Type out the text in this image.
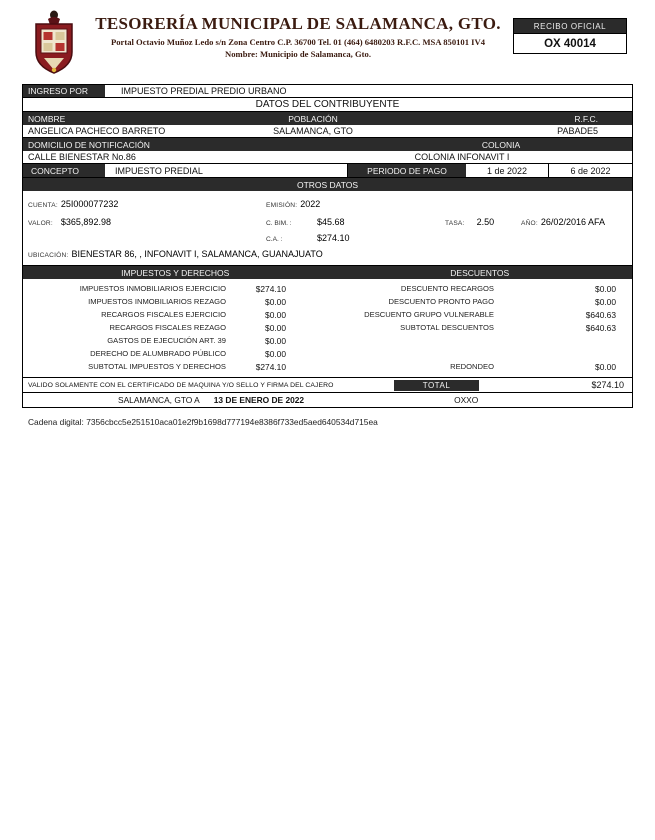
TESORERÍA MUNICIPAL DE SALAMANCA, GTO.
Portal Octavio Muñoz Ledo s/n Zona Centro C.P. 36700 Tel. 01 (464) 6480203 R.F.C. MSA 850101 IV4
Nombre: Municipio de Salamanca, Gto.
RECIBO OFICIAL
OX 40014
INGRESO POR	IMPUESTO PREDIAL PREDIO URBANO
DATOS DEL CONTRIBUYENTE
NOMBRE	POBLACIÓN	R.F.C.
ANGELICA PACHECO BARRETO	SALAMANCA, GTO	PABADE5
DOMICILIO DE NOTIFICACIÓN	COLONIA
CALLE BIENESTAR No.86	COLONIA INFONAVIT I
CONCEPTO	IMPUESTO PREDIAL	PERIODO DE PAGO	1 de 2022	6 de 2022
OTROS DATOS
CUENTA: 25I000077232	EMISIÓN: 2022
VALOR: $365,892.98	C. BIM. :	$45.68	TASA: 2.50	AÑO: 26/02/2016 AFA
C.A. :	$274.10
UBICACIÓN: BIENESTAR 86, , INFONAVIT I, SALAMANCA, GUANAJUATO
IMPUESTOS Y DERECHOS	DESCUENTOS
IMPUESTOS INMOBILIARIOS EJERCICIO	$274.10
IMPUESTOS INMOBILIARIOS REZAGO	$0.00
RECARGOS FISCALES EJERCICIO	$0.00
RECARGOS FISCALES REZAGO	$0.00
GASTOS DE EJECUCIÓN ART. 39	$0.00
DERECHO DE ALUMBRADO PÚBLICO	$0.00
SUBTOTAL IMPUESTOS Y DERECHOS	$274.10
DESCUENTO RECARGOS	$0.00
DESCUENTO PRONTO PAGO	$0.00
DESCUENTO GRUPO VULNERABLE	$640.63
SUBTOTAL DESCUENTOS	$640.63
REDONDEO	$0.00
VALIDO SOLAMENTE CON EL CERTIFICADO DE MAQUINA Y/O SELLO Y FIRMA DEL CAJERO	TOTAL	$274.10
SALAMANCA, GTO A 13 DE ENERO DE 2022	OXXO
Cadena digital: 7356cbcc5e251510aca01e2f9b1698d777194e8386f733ed5aed640534d715ea
